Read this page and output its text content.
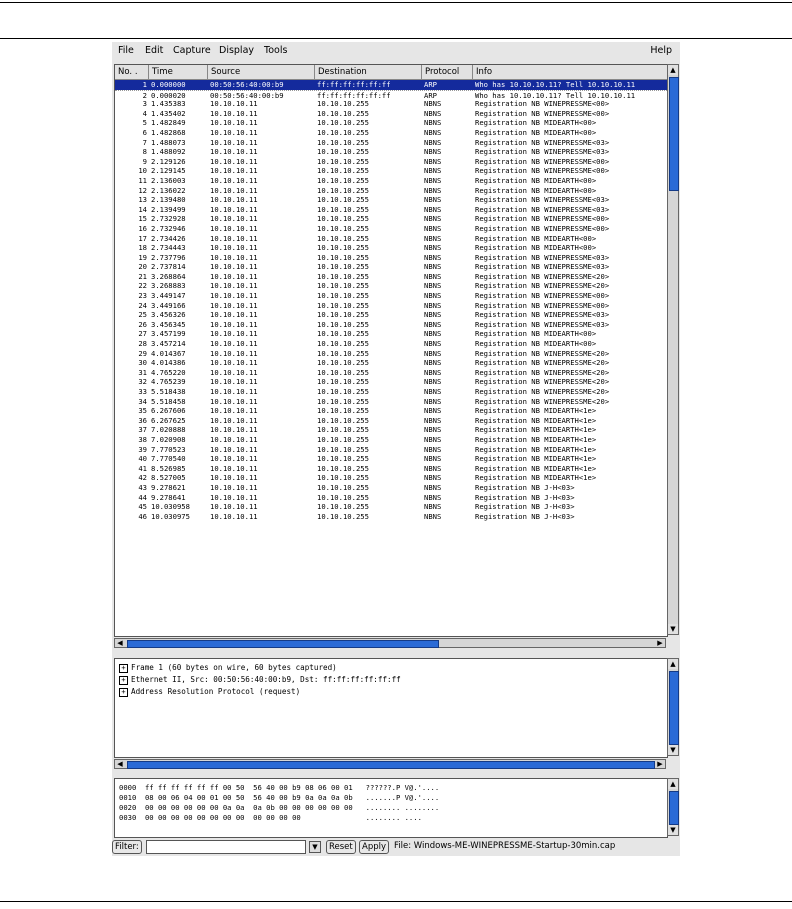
File Edit Capture Display Tools	Help
No. .	Time	Source	Destination	Protocol	Info
1 0.000000	00:50:56:40:00:b9	ff:ff:ff:ff:ff:ff	ARP	Who has 10.10.10.11? Tell 10.10.10.11
2 0.000020	00:50:56:40:00:b9	ff:ff:ff:ff:ff:ff	ARP	Who has 10.10.10.11? Tell 10.10.10.11
3 1.435383	10.10.10.11	10.10.10.255	NBNS	Registration NB WINEPRESSME<00>
4 1.435402	10.10.10.11	10.10.10.255	NBNS	Registration NB WINEPRESSME<00>
5 1.482849	10.10.10.11	10.10.10.255	NBNS	Registration NB MIDEARTH<00>
6 1.482868	10.10.10.11	10.10.10.255	NBNS	Registration NB MIDEARTH<00>
7 1.488073	10.10.10.11	10.10.10.255	NBNS	Registration NB WINEPRESSME<03>
8 1.488092	10.10.10.11	10.10.10.255	NBNS	Registration NB WINEPRESSME<03>
9 2.129126	10.10.10.11	10.10.10.255	NBNS	Registration NB WINEPRESSME<00>
10 2.129145	10.10.10.11	10.10.10.255	NBNS	Registration NB WINEPRESSME<00>
11 2.136003	10.10.10.11	10.10.10.255	NBNS	Registration NB MIDEARTH<00>
12 2.136022	10.10.10.11	10.10.10.255	NBNS	Registration NB MIDEARTH<00>
13 2.139480	10.10.10.11	10.10.10.255	NBNS	Registration NB WINEPRESSME<03>
14 2.139499	10.10.10.11	10.10.10.255	NBNS	Registration NB WINEPRESSME<03>
15 2.732928	10.10.10.11	10.10.10.255	NBNS	Registration NB WINEPRESSME<00>
16 2.732946	10.10.10.11	10.10.10.255	NBNS	Registration NB WINEPRESSME<00>
17 2.734426	10.10.10.11	10.10.10.255	NBNS	Registration NB MIDEARTH<00>
18 2.734443	10.10.10.11	10.10.10.255	NBNS	Registration NB MIDEARTH<00>
19 2.737796	10.10.10.11	10.10.10.255	NBNS	Registration NB WINEPRESSME<03>
20 2.737814	10.10.10.11	10.10.10.255	NBNS	Registration NB WINEPRESSME<03>
21 3.268864	10.10.10.11	10.10.10.255	NBNS	Registration NB WINEPRESSME<20>
22 3.268883	10.10.10.11	10.10.10.255	NBNS	Registration NB WINEPRESSME<20>
23 3.449147	10.10.10.11	10.10.10.255	NBNS	Registration NB WINEPRESSME<00>
24 3.449166	10.10.10.11	10.10.10.255	NBNS	Registration NB WINEPRESSME<00>
25 3.456326	10.10.10.11	10.10.10.255	NBNS	Registration NB WINEPRESSME<03>
26 3.456345	10.10.10.11	10.10.10.255	NBNS	Registration NB WINEPRESSME<03>
27 3.457199	10.10.10.11	10.10.10.255	NBNS	Registration NB MIDEARTH<00>
28 3.457214	10.10.10.11	10.10.10.255	NBNS	Registration NB MIDEARTH<00>
29 4.014367	10.10.10.11	10.10.10.255	NBNS	Registration NB WINEPRESSME<20>
30 4.014386	10.10.10.11	10.10.10.255	NBNS	Registration NB WINEPRESSME<20>
31 4.765220	10.10.10.11	10.10.10.255	NBNS	Registration NB WINEPRESSME<20>
32 4.765239	10.10.10.11	10.10.10.255	NBNS	Registration NB WINEPRESSME<20>
33 5.518438	10.10.10.11	10.10.10.255	NBNS	Registration NB WINEPRESSME<20>
34 5.518458	10.10.10.11	10.10.10.255	NBNS	Registration NB WINEPRESSME<20>
35 6.267606	10.10.10.11	10.10.10.255	NBNS	Registration NB MIDEARTH<1e>
36 6.267625	10.10.10.11	10.10.10.255	NBNS	Registration NB MIDEARTH<1e>
37 7.020888	10.10.10.11	10.10.10.255	NBNS	Registration NB MIDEARTH<1e>
38 7.020908	10.10.10.11	10.10.10.255	NBNS	Registration NB MIDEARTH<1e>
39 7.770523	10.10.10.11	10.10.10.255	NBNS	Registration NB MIDEARTH<1e>
40 7.770540	10.10.10.11	10.10.10.255	NBNS	Registration NB MIDEARTH<1e>
41 8.526985	10.10.10.11	10.10.10.255	NBNS	Registration NB MIDEARTH<1e>
42 8.527005	10.10.10.11	10.10.10.255	NBNS	Registration NB MIDEARTH<1e>
43 9.278621	10.10.10.11	10.10.10.255	NBNS	Registration NB J-H<03>
44 9.278641	10.10.10.11	10.10.10.255	NBNS	Registration NB J-H<03>
45 10.030958	10.10.10.11	10.10.10.255	NBNS	Registration NB J-H<03>
46 10.030975	10.10.10.11	10.10.10.255	NBNS	Registration NB J-H<03>
▲
▼
◀	▶
+ Frame 1 (60 bytes on wire, 60 bytes captured)
+ Ethernet II, Src: 00:50:56:40:00:b9, Dst: ff:ff:ff:ff:ff:ff
+ Address Resolution Protocol (request)
▲
▼
◀	▶
0000  ff ff ff ff ff ff 00 50  56 40 00 b9 08 06 00 01   ??????.P V@.'....
0010  08 00 06 04 00 01 00 50  56 40 00 b9 0a 0a 0a 0b   .......P V@.'....
0020  00 00 00 00 00 00 0a 0a  0a 0b 00 00 00 00 00 00   ........ ........
0030  00 00 00 00 00 00 00 00  00 00 00 00               ........ ....
▲
▼
Filter:	▼	Reset	Apply File: Windows-ME-WINEPRESSME-Startup-30min.cap
